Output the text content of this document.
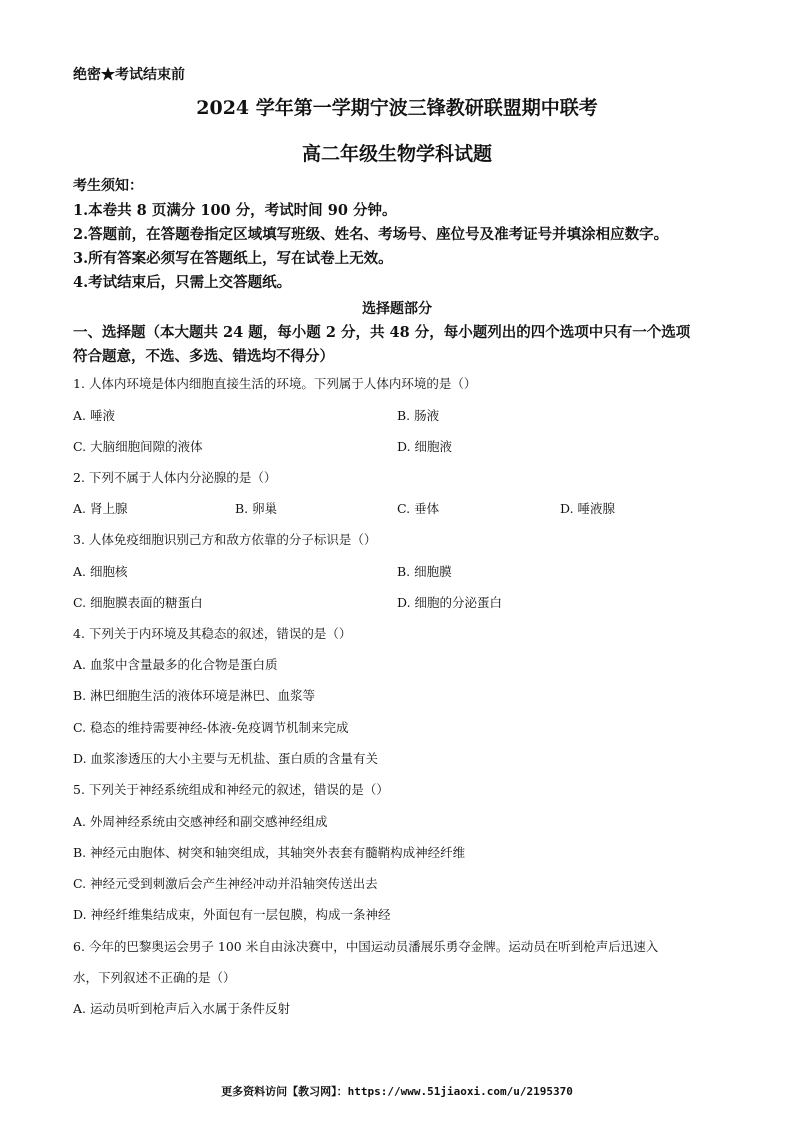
绝密★考试结束前
2024 学年第一学期宁波三锋教研联盟期中联考
高二年级生物学科试题
考生须知：
1.本卷共 8 页满分 100 分，考试时间 90 分钟。
2.答题前，在答题卷指定区域填写班级、姓名、考场号、座位号及准考证号并填涂相应数字。
3.所有答案必须写在答题纸上，写在试卷上无效。
4.考试结束后，只需上交答题纸。
选择题部分
一、选择题（本大题共 24 题，每小题 2 分，共 48 分，每小题列出的四个选项中只有一个选项
符合题意，不选、多选、错选均不得分）
1. 人体内环境是体内细胞直接生活的环境。下列属于人体内环境的是（）
A. 唾液	B. 肠液
C. 大脑细胞间隙的液体	D. 细胞液
2. 下列不属于人体内分泌腺的是（）
A. 肾上腺	B. 卵巢	C. 垂体	D. 唾液腺
3. 人体免疫细胞识别己方和敌方依靠的分子标识是（）
A. 细胞核	B. 细胞膜
C. 细胞膜表面的糖蛋白	D. 细胞的分泌蛋白
4. 下列关于内环境及其稳态的叙述，错误的是（）
A. 血浆中含量最多的化合物是蛋白质
B. 淋巴细胞生活的液体环境是淋巴、血浆等
C. 稳态的维持需要神经-体液-免疫调节机制来完成
D. 血浆渗透压的大小主要与无机盐、蛋白质的含量有关
5. 下列关于神经系统组成和神经元的叙述，错误的是（）
A. 外周神经系统由交感神经和副交感神经组成
B. 神经元由胞体、树突和轴突组成，其轴突外表套有髓鞘构成神经纤维
C. 神经元受到刺激后会产生神经冲动并沿轴突传送出去
D. 神经纤维集结成束，外面包有一层包膜，构成一条神经
6. 今年的巴黎奥运会男子 100 米自由泳决赛中，中国运动员潘展乐勇夺金牌。运动员在听到枪声后迅速入
水，下列叙述不正确的是（）
A. 运动员听到枪声后入水属于条件反射
更多资料访问【教习网】：https://www.51jiaoxi.com/u/2195370
